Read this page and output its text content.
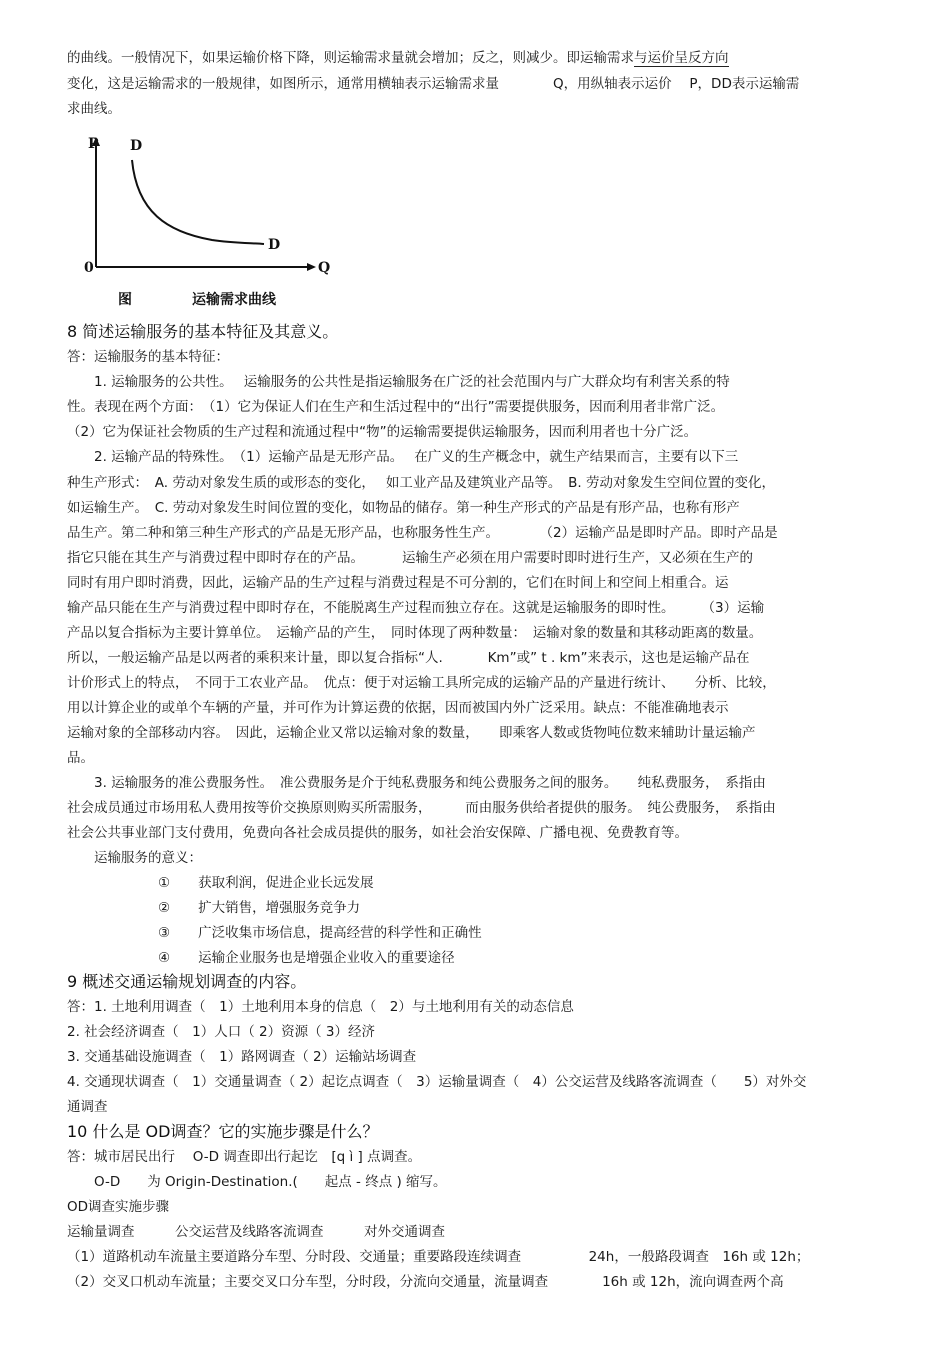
的曲线。一般情况下，如果运输价格下降，则运输需求量就会增加；反之，则减少。即运输需求与运价呈反方向
变化，这是运输需求的一般规律，如图所示，通常用横轴表示运输需求量　　　　Q，用纵轴表示运价　 P，DD表示运输需
求曲线。
P
Q
0
D
D
图	运输需求曲线
8 简述运输服务的基本特征及其意义。
答：运输服务的基本特征：
　　1. 运输服务的公共性。　 运输服务的公共性是指运输服务在广泛的社会范围内与广大群众均有利害关系的特
性。表现在两个方面：　（1）它为保证人们在生产和生活过程中的“出行”需要提供服务，因而利用者非常广泛。
（2）它为保证社会物质的生产过程和流通过程中“物”的运输需要提供运输服务，因而利用者也十分广泛。
　　2. 运输产品的特殊性。　（1）运输产品是无形产品。　 在广义的生产概念中，就生产结果而言，主要有以下三
种生产形式：　A. 劳动对象发生质的或形态的变化，　 如工业产品及建筑业产品等。　B. 劳动对象发生空间位置的变化，
如运输生产。　C. 劳动对象发生时间位置的变化，如物品的储存。第一种生产形式的产品是有形产品，也称有形产
品生产。第二种和第三种生产形式的产品是无形产品，也称服务性生产。　　　　（2）运输产品是即时产品。即时产品是
指它只能在其生产与消费过程中即时存在的产品。　　　 运输生产必须在用户需要时即时进行生产，又必须在生产的
同时有用户即时消费，因此，运输产品的生产过程与消费过程是不可分割的，它们在时间上和空间上相重合。运
输产品只能在生产与消费过程中即时存在，不能脱离生产过程而独立存在。这就是运输服务的即时性。　　　（3）运输
产品以复合指标为主要计算单位。　运输产品的产生，　同时体现了两种数量：　运输对象的数量和其移动距离的数量。
所以，一般运输产品是以两者的乘积来计量，即以复合指标“人.　　　 Km”或” t . km”来表示，这也是运输产品在
计价形式上的特点，　不同于工农业产品。　优点：便于对运输工具所完成的运输产品的产量进行统计、　　分析、比较，
用以计算企业的或单个车辆的产量，并可作为计算运费的依据，因而被国内外广泛采用。缺点：不能准确地表示
运输对象的全部移动内容。　因此，运输企业又常以运输对象的数量，　　即乘客人数或货物吨位数来辅助计量运输产
品。
　　3. 运输服务的准公费服务性。　准公费服务是介于纯私费服务和纯公费服务之间的服务。　　纯私费服务，　系指由
社会成员通过市场用私人费用按等价交换原则购买所需服务，　　　而由服务供给者提供的服务。　纯公费服务，　系指由
社会公共事业部门支付费用，免费向各社会成员提供的服务，如社会治安保障、广播电视、免费教育等。
　　运输服务的意义：
① 获取利润，促进企业长远发展
② 扩大销售，增强服务竞争力
③ 广泛收集市场信息，提高经营的科学性和正确性
④ 运输企业服务也是增强企业收入的重要途径
9 概述交通运输规划调查的内容。
答：1. 土地利用调查（　1）土地利用本身的信息（　2）与土地利用有关的动态信息
2. 社会经济调查（　1）人口（ 2）资源（ 3）经济
3. 交通基础设施调查（　1）路网调查（ 2）运输站场调查
4. 交通现状调查（　1）交通量调查（ 2）起讫点调查（　3）运输量调查（　4）公交运营及线路客流调查（　　5）对外交
通调查
10 什么是 OD调查？它的实施步骤是什么？
答：城市居民出行　 O-D 调查即出行起讫　[q ì ] 点调查。
　　O-D　　为 Origin-Destination.(　　起点 - 终点 ) 缩写。
OD调查实施步骤
运输量调查　　　公交运营及线路客流调查　　　对外交通调查
（1）道路机动车流量主要道路分车型、分时段、交通量；重要路段连续调查　　　　　24h，一般路段调查　16h 或 12h；
（2）交叉口机动车流量；主要交叉口分车型，分时段，分流向交通量，流量调查　　　　16h 或 12h，流向调查两个高
